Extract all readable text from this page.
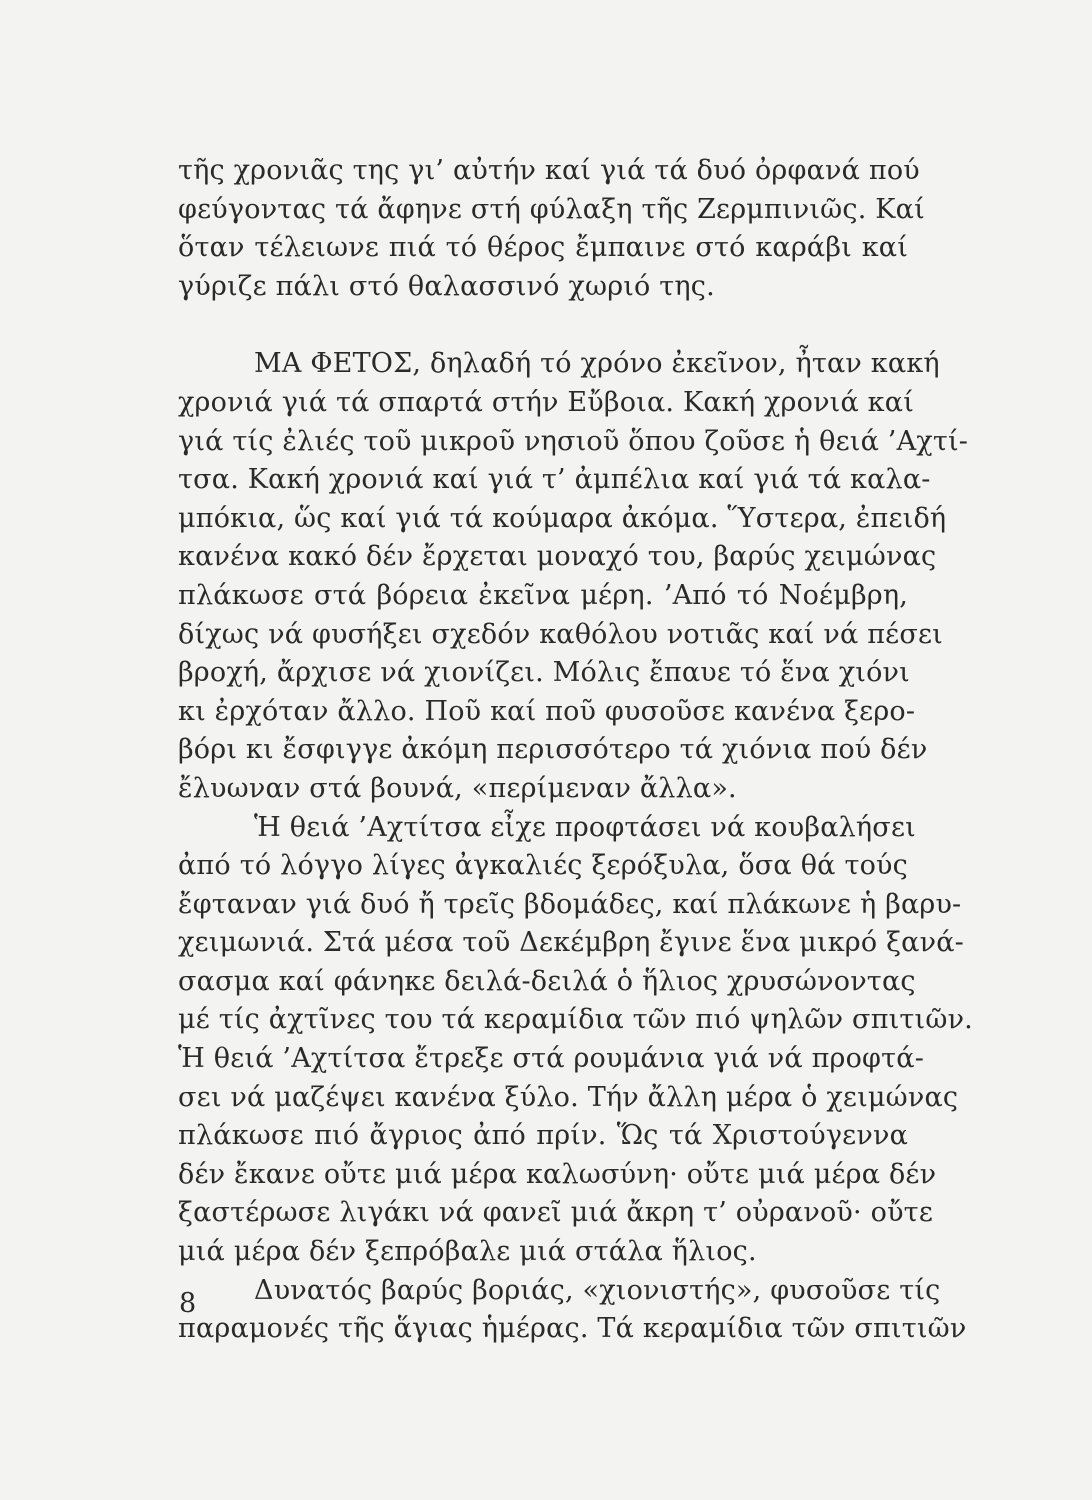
τῆς χρονιᾶς της γι’ αὐτήν καί γιά τά δυό ὀρφανά πού
φεύγοντας τά ἄφηνε στή φύλαξη τῆς Ζερμπινιῶς. Καί
ὅταν τέλειωνε πιά τό θέρος ἔμπαινε στό καράβι καί
γύριζε πάλι στό θαλασσινό χωριό της.
ΜΑ ΦΕΤΟΣ, δηλαδή τό χρόνο ἐκεῖνον, ἦταν κακή
χρονιά γιά τά σπαρτά στήν Εὔβοια. Κακή χρονιά καί
γιά τίς ἐλιές τοῦ μικροῦ νησιοῦ ὅπου ζοῦσε ἡ θειά ’Αχτί-
τσα. Κακή χρονιά καί γιά τ’ ἀμπέλια καί γιά τά καλα-
μπόκια, ὥς καί γιά τά κούμαρα ἀκόμα. Ὕστερα, ἐπειδή
κανένα κακό δέν ἔρχεται μοναχό του, βαρύς χειμώνας
πλάκωσε στά βόρεια ἐκεῖνα μέρη. ’Από τό Νοέμβρη,
δίχως νά φυσήξει σχεδόν καθόλου νοτιᾶς καί νά πέσει
βροχή, ἄρχισε νά χιονίζει. Μόλις ἔπαυε τό ἕνα χιόνι
κι ἐρχόταν ἄλλο. Ποῦ καί ποῦ φυσοῦσε κανένα ξερο-
βόρι κι ἔσφιγγε ἀκόμη περισσότερο τά χιόνια πού δέν
ἔλυωναν στά βουνά, «περίμεναν ἄλλα».
Ἡ θειά ’Αχτίτσα εἶχε προφτάσει νά κουβαλήσει
ἀπό τό λόγγο λίγες ἀγκαλιές ξερόξυλα, ὅσα θά τούς
ἔφταναν γιά δυό ἤ τρεῖς βδομάδες, καί πλάκωνε ἡ βαρυ-
χειμωνιά. Στά μέσα τοῦ Δεκέμβρη ἔγινε ἕνα μικρό ξανά-
σασμα καί φάνηκε δειλά-δειλά ὁ ἥλιος χρυσώνοντας
μέ τίς ἀχτῖνες του τά κεραμίδια τῶν πιό ψηλῶν σπιτιῶν.
Ἡ θειά ’Αχτίτσα ἔτρεξε στά ρουμάνια γιά νά προφτά-
σει νά μαζέψει κανένα ξύλο. Τήν ἄλλη μέρα ὁ χειμώνας
πλάκωσε πιό ἄγριος ἀπό πρίν. Ὥς τά Χριστούγεννα
δέν ἔκανε οὔτε μιά μέρα καλωσύνη· οὔτε μιά μέρα δέν
ξαστέρωσε λιγάκι νά φανεῖ μιά ἄκρη τ’ οὐρανοῦ· οὔτε
μιά μέρα δέν ξεπρόβαλε μιά στάλα ἥλιος.
Δυνατός βαρύς βοριάς, «χιονιστής», φυσοῦσε τίς
παραμονές τῆς ἅγιας ἡμέρας. Τά κεραμίδια τῶν σπιτιῶν
8
